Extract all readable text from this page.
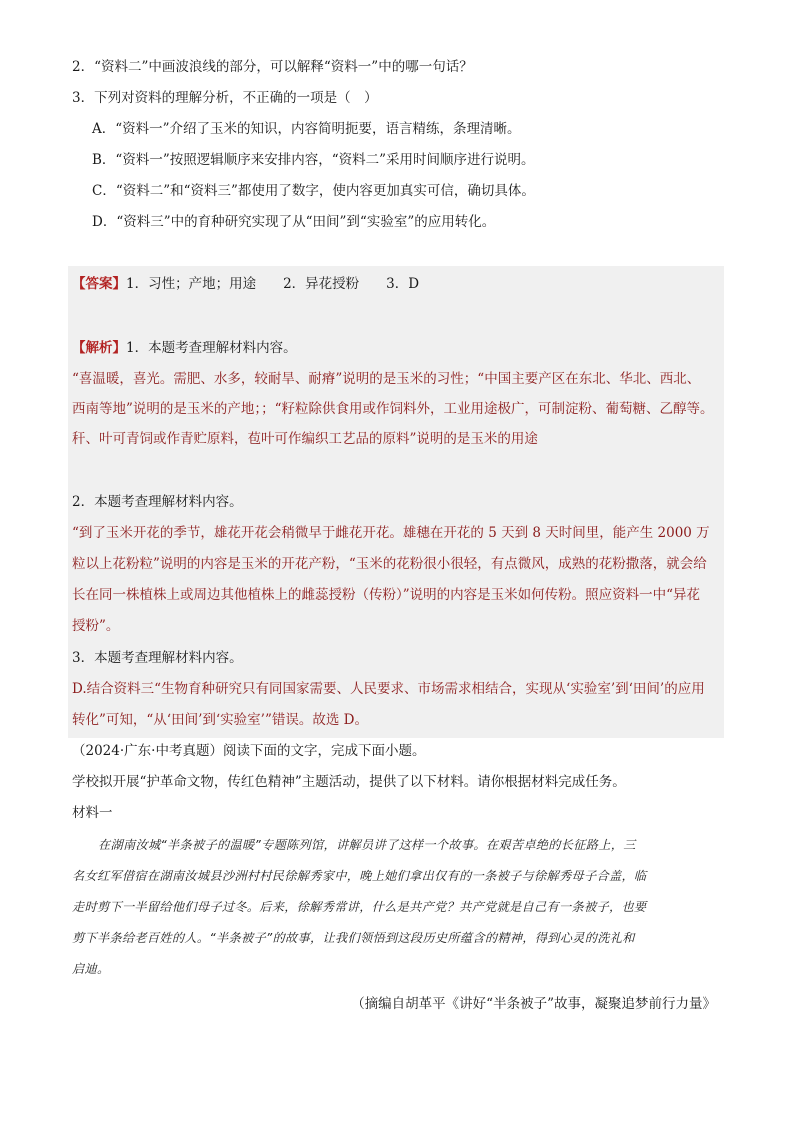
2．“资料二”中画波浪线的部分，可以解释“资料一”中的哪一句话？
3．下列对资料的理解分析，不正确的一项是（　）
A．“资料一”介绍了玉米的知识，内容简明扼要，语言精练，条理清晰。
B．“资料一”按照逻辑顺序来安排内容，“资料二”采用时间顺序进行说明。
C．“资料二”和“资料三”都使用了数字，使内容更加真实可信，确切具体。
D．“资料三”中的育种研究实现了从“田间”到“实验室”的应用转化。
【答案】1．习性；产地；用途　　2．异花授粉　　3．D
【解析】1．本题考查理解材料内容。
“喜温暖，喜光。需肥、水多，较耐旱、耐瘠”说明的是玉米的习性；“中国主要产区在东北、华北、西北、
西南等地”说明的是玉米的产地；；“籽粒除供食用或作饲料外，工业用途极广，可制淀粉、葡萄糖、乙醇等。
秆、叶可青饲或作青贮原料，苞叶可作编织工艺品的原料”说明的是玉米的用途
2．本题考查理解材料内容。
“到了玉米开花的季节，雄花开花会稍微早于雌花开花。雄穗在开花的 5 天到 8 天时间里，能产生 2000 万
粒以上花粉粒”说明的内容是玉米的开花产粉，“玉米的花粉很小很轻，有点微风，成熟的花粉撒落，就会给
长在同一株植株上或周边其他植株上的雌蕊授粉（传粉）”说明的内容是玉米如何传粉。照应资料一中“异花
授粉”。
3．本题考查理解材料内容。
D.结合资料三“生物育种研究只有同国家需要、人民要求、市场需求相结合，实现从‘实验室’到‘田间’的应用
转化”可知，“从‘田间’到‘实验室’”错误。故选 D。
（2024·广东·中考真题）阅读下面的文字，完成下面小题。
学校拟开展“护革命文物，传红色精神”主题活动，提供了以下材料。请你根据材料完成任务。
材料一
在湖南汝城“半条被子的温暖”专题陈列馆，讲解员讲了这样一个故事。在艰苦卓绝的长征路上，三
名女红军借宿在湖南汝城县沙洲村村民徐解秀家中，晚上她们拿出仅有的一条被子与徐解秀母子合盖，临
走时剪下一半留给他们母子过冬。后来，徐解秀常讲，什么是共产党？共产党就是自己有一条被子，也要
剪下半条给老百姓的人。“半条被子”的故事，让我们领悟到这段历史所蕴含的精神，得到心灵的洗礼和
启迪。
（摘编自胡革平《讲好“半条被子”故事，凝聚追梦前行力量》
